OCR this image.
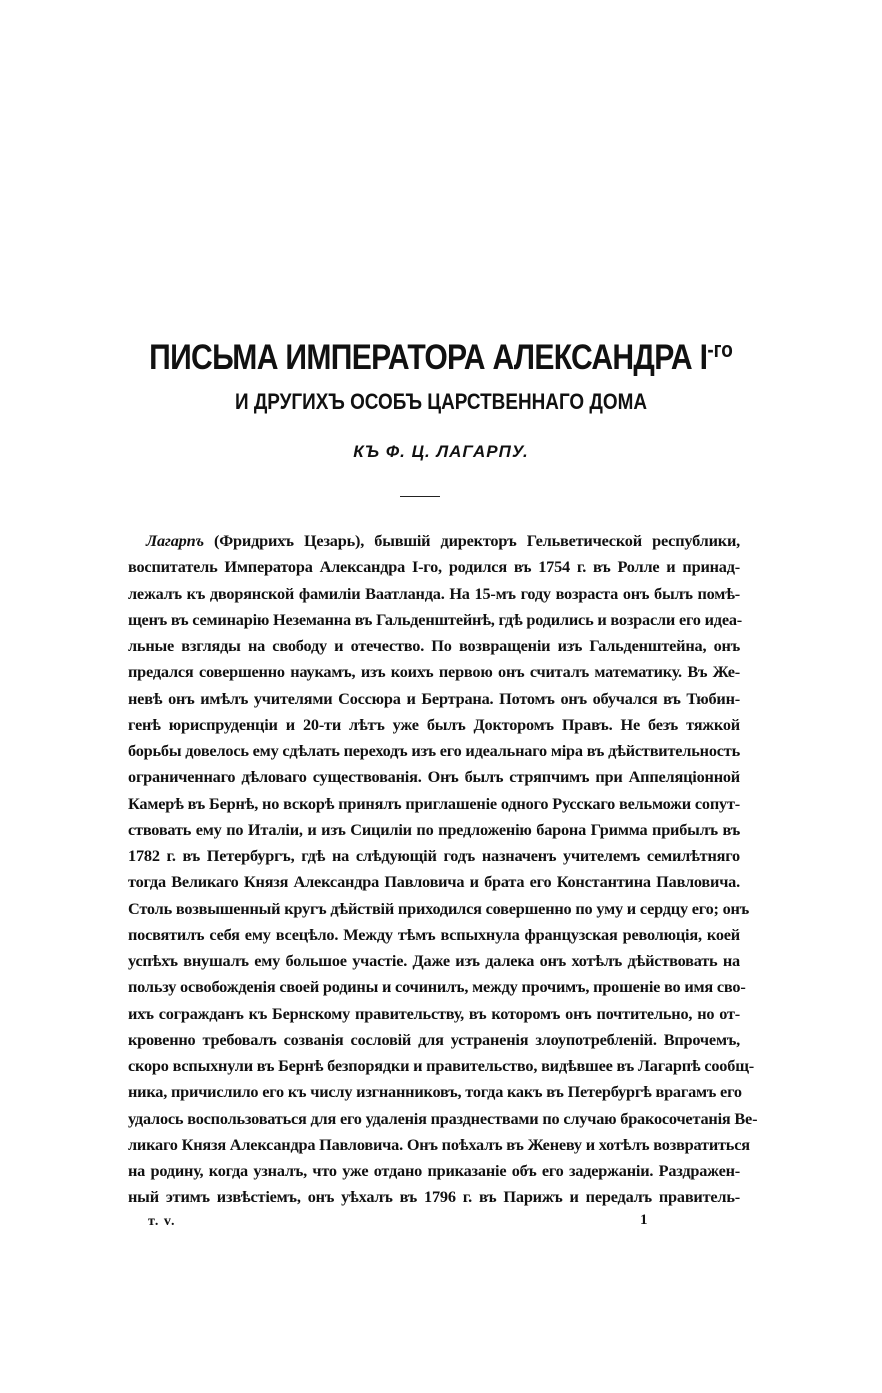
ПИСЬМА ИМПЕРАТОРА АЛЕКСАНДРА $I^{-го}$
И ДРУГИХЪ ОСОБЪ ЦАРСТВЕННАГО ДОМА
КЪ Ф. Ц. ЛАГАРПУ.
Лагарпъ (Фридрихъ Цезарь), бывшій директоръ Гельветической республики,
воспитатель Императора Александра I-го, родился въ 1754 г. въ Ролле и принад-
лежалъ къ дворянской фамиліи Ваатланда. На 15-мъ году возраста онъ былъ помѣ-
щенъ въ семинарію Неземанна въ Гальденштейнѣ, гдѣ родились и возрасли его идеа-
льные взгляды на свободу и отечество. По возвращеніи изъ Гальденштейна, онъ
предался совершенно наукамъ, изъ коихъ первою онъ считалъ математику. Въ Же-
невѣ онъ имѣлъ учителями Соссюра и Бертрана. Потомъ онъ обучался въ Тюбин-
генѣ юриспруденціи и 20-ти лѣтъ уже былъ Докторомъ Правъ. Не безъ тяжкой
борьбы довелось ему сдѣлать переходъ изъ его идеальнаго міра въ дѣйствительность
ограниченнаго дѣловаго существованія. Онъ былъ стряпчимъ при Аппеляціонной
Камерѣ въ Бернѣ, но вскорѣ принялъ приглашеніе одного Русскаго вельможи сопут-
ствовать ему по Италіи, и изъ Сициліи по предложенію барона Гримма прибылъ въ
1782 г. въ Петербургъ, гдѣ на слѣдующій годъ назначенъ учителемъ семилѣтняго
тогда Великаго Князя Александра Павловича и брата его Константина Павловича.
Столь возвышенный кругъ дѣйствій приходился совершенно по уму и сердцу его; онъ
посвятилъ себя ему всецѣло. Между тѣмъ вспыхнула французская революція, коей
успѣхъ внушалъ ему большое участіе. Даже изъ далека онъ хотѣлъ дѣйствовать на
пользу освобожденія своей родины и сочинилъ, между прочимъ, прошеніе во имя сво-
ихъ согражданъ къ Бернскому правительству, въ которомъ онъ почтительно, но от-
кровенно требовалъ созванія сословій для устраненія злоупотребленій. Впрочемъ,
скоро вспыхнули въ Бернѣ безпорядки и правительство, видѣвшее въ Лагарпѣ сообщ-
ника, причислило его къ числу изгнанниковъ, тогда какъ въ Петербургѣ врагамъ его
удалось воспользоваться для его удаленія празднествами по случаю бракосочетанія Ве-
ликаго Князя Александра Павловича. Онъ поѣхалъ въ Женеву и хотѣлъ возвратиться
на родину, когда узналъ, что уже отдано приказаніе объ его задержаніи. Раздражен-
ный этимъ извѣстіемъ, онъ уѣхалъ въ 1796 г. въ Парижъ и передалъ правитель-
т. v.	1
